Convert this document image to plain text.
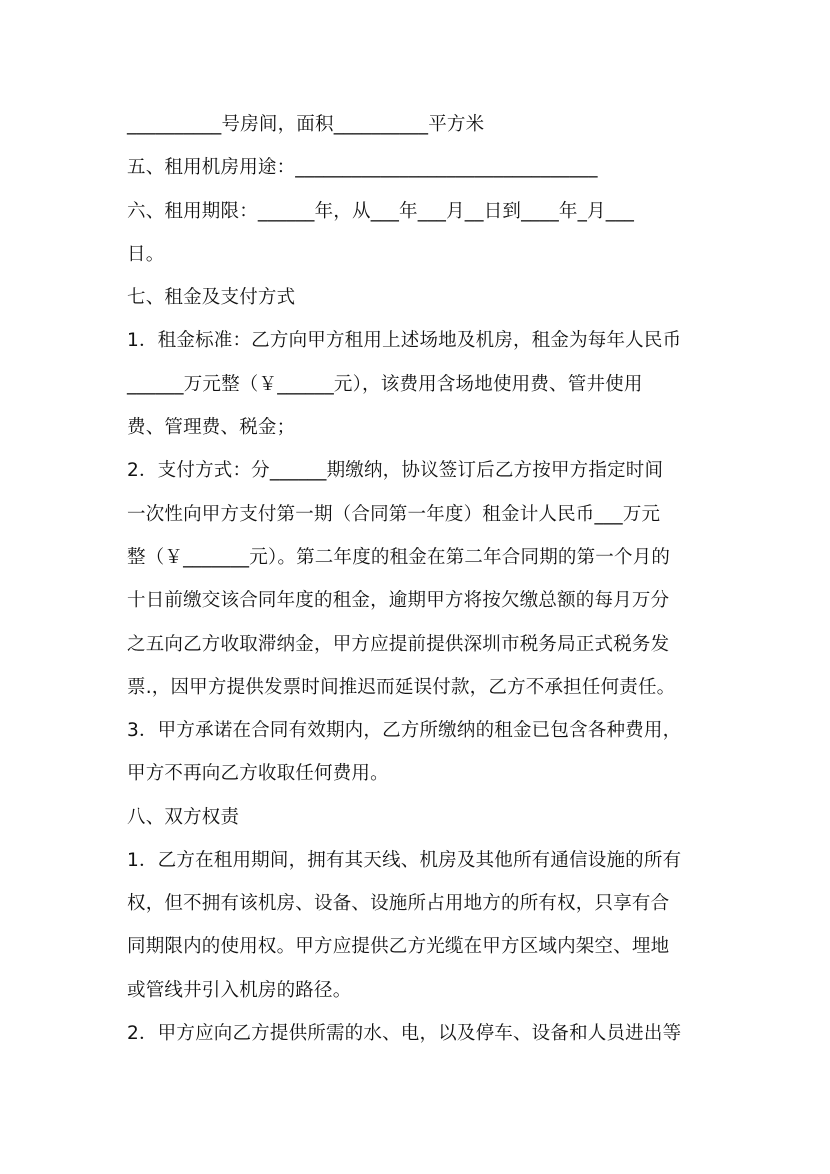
__________号房间，面积__________平方米
五、租用机房用途：________________________________
六、租用期限：______年，从___年___月__日到____年_月___
日。
七、租金及支付方式
1．租金标准：乙方向甲方租用上述场地及机房，租金为每年人民币
______万元整（￥______元），该费用含场地使用费、管井使用
费、管理费、税金；
2．支付方式：分______期缴纳，协议签订后乙方按甲方指定时间
一次性向甲方支付第一期（合同第一年度）租金计人民币___万元
整（￥_______元）。第二年度的租金在第二年合同期的第一个月的
十日前缴交该合同年度的租金，逾期甲方将按欠缴总额的每月万分
之五向乙方收取滞纳金，甲方应提前提供深圳市税务局正式税务发
票.，因甲方提供发票时间推迟而延误付款，乙方不承担任何责任。
3．甲方承诺在合同有效期内，乙方所缴纳的租金已包含各种费用，
甲方不再向乙方收取任何费用。
八、双方权责
1．乙方在租用期间，拥有其天线、机房及其他所有通信设施的所有
权，但不拥有该机房、设备、设施所占用地方的所有权，只享有合
同期限内的使用权。甲方应提供乙方光缆在甲方区域内架空、埋地
或管线井引入机房的路径。
2．甲方应向乙方提供所需的水、电，以及停车、设备和人员进出等
